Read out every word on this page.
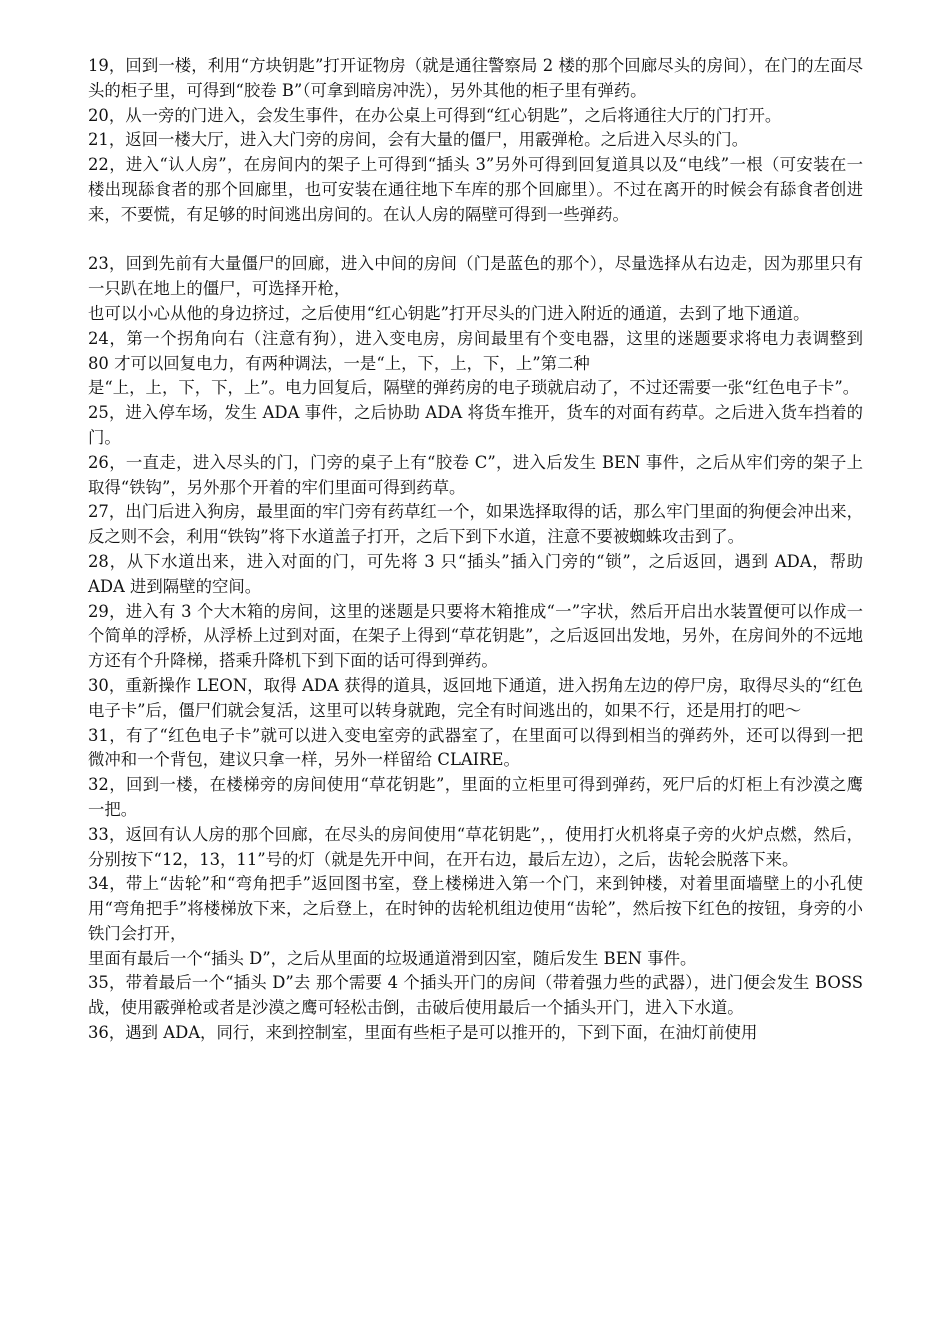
19，回到一楼，利用“方块钥匙”打开证物房（就是通往警察局 2 楼的那个回廊尽头的房间），在门的左面尽头的柜子里，可得到“胶卷 B”（可拿到暗房冲洗），另外其他的柜子里有弹药。

20，从一旁的门进入，会发生事件，在办公桌上可得到“红心钥匙”，之后将通往大厅的门打开。

21，返回一楼大厅，进入大门旁的房间，会有大量的僵尸，用霰弹枪。之后进入尽头的门。

22，进入“认人房”，在房间内的架子上可得到“插头 3”另外可得到回复道具以及“电线”一根（可安装在一楼出现舔食者的那个回廊里，也可安装在通往地下车库的那个回廊里）。不过在离开的时候会有舔食者创进来，不要慌，有足够的时间逃出房间的。在认人房的隔壁可得到一些弹药。

23，回到先前有大量僵尸的回廊，进入中间的房间（门是蓝色的那个），尽量选择从右边走，因为那里只有一只趴在地上的僵尸，可选择开枪，

也可以小心从他的身边挤过，之后使用“红心钥匙”打开尽头的门进入附近的通道，去到了地下通道。

24，第一个拐角向右（注意有狗），进入变电房，房间最里有个变电器，这里的迷题要求将电力表调整到 80 才可以回复电力，有两种调法，一是“上，下，上，下，上”第二种

是“上，上，下，下，上”。电力回复后，隔壁的弹药房的电子琐就启动了，不过还需要一张“红色电子卡”。

25，进入停车场，发生 ADA 事件，之后协助 ADA 将货车推开，货车的对面有药草。之后进入货车挡着的门。

26，一直走，进入尽头的门，门旁的桌子上有“胶卷 C”，进入后发生 BEN 事件，之后从牢们旁的架子上取得“铁钩”，另外那个开着的牢们里面可得到药草。

27，出门后进入狗房，最里面的牢门旁有药草红一个，如果选择取得的话，那么牢门里面的狗便会冲出来，反之则不会，利用“铁钩”将下水道盖子打开，之后下到下水道，注意不要被蜘蛛攻击到了。

28，从下水道出来，进入对面的门，可先将 3 只“插头”插入门旁的“锁”，之后返回，遇到 ADA，帮助 ADA 进到隔壁的空间。

29，进入有 3 个大木箱的房间，这里的迷题是只要将木箱推成“一”字状，然后开启出水装置便可以作成一个简单的浮桥，从浮桥上过到对面，在架子上得到“草花钥匙”，之后返回出发地，另外，在房间外的不远地方还有个升降梯，搭乘升降机下到下面的话可得到弹药。

30，重新操作 LEON，取得 ADA 获得的道具，返回地下通道，进入拐角左边的停尸房，取得尽头的“红色电子卡”后，僵尸们就会复活，这里可以转身就跑，完全有时间逃出的，如果不行，还是用打的吧～

31，有了“红色电子卡”就可以进入变电室旁的武器室了，在里面可以得到相当的弹药外，还可以得到一把微冲和一个背包，建议只拿一样，另外一样留给 CLAIRE。

32，回到一楼，在楼梯旁的房间使用“草花钥匙”，里面的立柜里可得到弹药，死尸后的灯柜上有沙漠之鹰一把。

33，返回有认人房的那个回廊，在尽头的房间使用“草花钥匙”，，使用打火机将桌子旁的火炉点燃，然后，分别按下“12，13，11”号的灯（就是先开中间，在开右边，最后左边），之后，齿轮会脱落下来。

34，带上“齿轮”和“弯角把手”返回图书室，登上楼梯进入第一个门，来到钟楼，对着里面墙壁上的小孔使用“弯角把手”将楼梯放下来，之后登上，在时钟的齿轮机组边使用“齿轮”，然后按下红色的按钮，身旁的小铁门会打开，

里面有最后一个“插头 D”，之后从里面的垃圾通道滑到囚室，随后发生 BEN 事件。

35，带着最后一个“插头 D”去 那个需要 4 个插头开门的房间（带着强力些的武器），进门便会发生 BOSS 战，使用霰弹枪或者是沙漠之鹰可轻松击倒，击破后使用最后一个插头开门，进入下水道。

36，遇到 ADA，同行，来到控制室，里面有些柜子是可以推开的，下到下面，在油灯前使用
